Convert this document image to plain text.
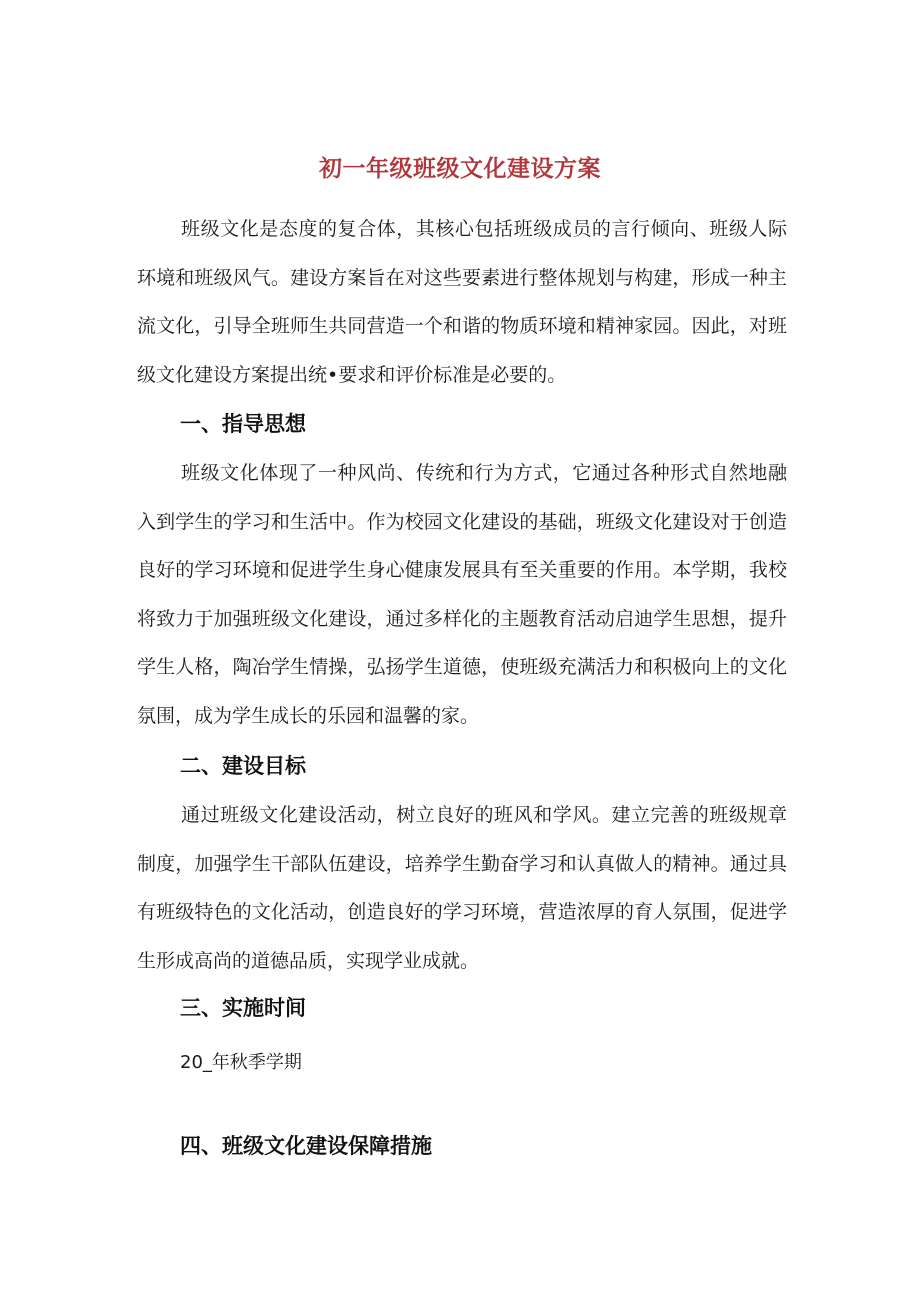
初一年级班级文化建设方案

班级文化是态度的复合体，其核心包括班级成员的言行倾向、班级人际环境和班级风气。建设方案旨在对这些要素进行整体规划与构建，形成一种主流文化，引导全班师生共同营造一个和谐的物质环境和精神家园。因此，对班级文化建设方案提出统•要求和评价标准是必要的。

一、指导思想

班级文化体现了一种风尚、传统和行为方式，它通过各种形式自然地融入到学生的学习和生活中。作为校园文化建设的基础，班级文化建设对于创造良好的学习环境和促进学生身心健康发展具有至关重要的作用。本学期，我校将致力于加强班级文化建设，通过多样化的主题教育活动启迪学生思想，提升学生人格，陶冶学生情操，弘扬学生道德，使班级充满活力和积极向上的文化氛围，成为学生成长的乐园和温馨的家。

二、建设目标

通过班级文化建设活动，树立良好的班风和学风。建立完善的班级规章制度，加强学生干部队伍建设，培养学生勤奋学习和认真做人的精神。通过具有班级特色的文化活动，创造良好的学习环境，营造浓厚的育人氛围，促进学生形成高尚的道德品质，实现学业成就。

三、实施时间

20_年秋季学期

四、班级文化建设保障措施
